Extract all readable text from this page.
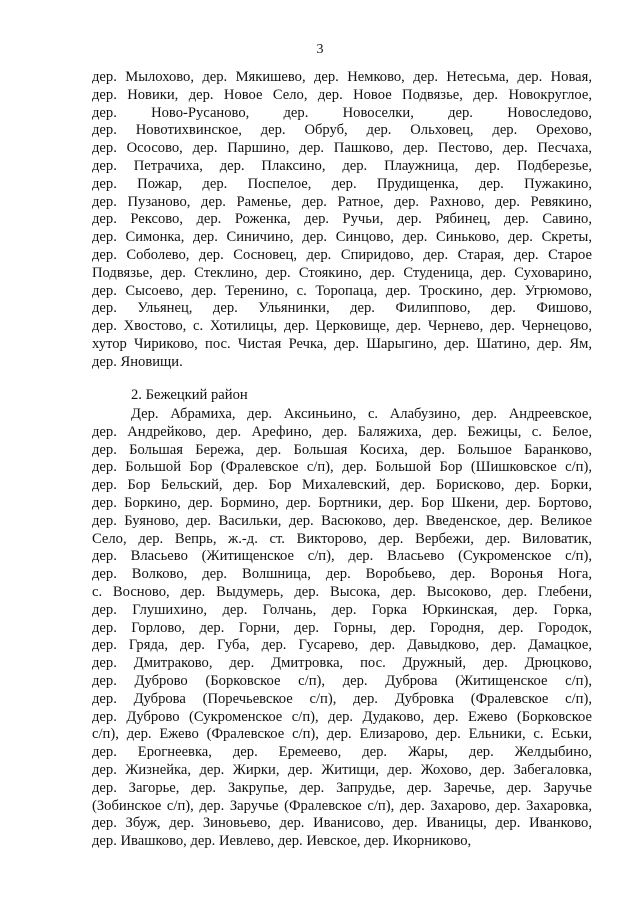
3
дер. Мылохово, дер. Мякишево, дер. Немково, дер. Нетесьма, дер. Новая,
дер. Новики, дер. Новое Село, дер. Новое Подвязье, дер. Новокруглое,
дер. Ново-Русаново, дер. Новоселки, дер. Новоследово,
дер. Новотихвинское, дер. Обруб, дер. Ольховец, дер. Орехово,
дер. Ососово, дер. Паршино, дер. Пашково, дер. Пестово, дер. Песчаха,
дер. Петрачиха, дер. Плаксино, дер. Плаужница, дер. Подберезье,
дер. Пожар, дер. Поспелое, дер. Прудищенка, дер. Пужакино,
дер. Пузаново, дер. Раменье, дер. Ратное, дер. Рахново, дер. Ревякино,
дер. Рексово, дер. Роженка, дер. Ручьи, дер. Рябинец, дер. Савино,
дер. Симонка, дер. Синичино, дер. Синцово, дер. Синьково, дер. Скреты,
дер. Соболево, дер. Сосновец, дер. Спиридово, дер. Старая, дер. Старое
Подвязье, дер. Стеклино, дер. Стоякино, дер. Студеница, дер. Суховарино,
дер. Сысоево, дер. Теренино, с. Торопаца, дер. Троскино, дер. Угрюмово,
дер. Ульянец, дер. Ульянинки, дер. Филиппово, дер. Фишово,
дер. Хвостово, с. Хотилицы, дер. Церковище, дер. Чернево, дер. Чернецово,
хутор Чириково, пос. Чистая Речка, дер. Шарыгино, дер. Шатино, дер. Ям,
дер. Яновищи.
2. Бежецкий район
Дер. Абрамиха, дер. Аксиньино, с. Алабузино, дер. Андреевское,
дер. Андрейково, дер. Арефино, дер. Баляжиха, дер. Бежицы, с. Белое,
дер. Большая Бережа, дер. Большая Косиха, дер. Большое Баранково,
дер. Большой Бор (Фралевское с/п), дер. Большой Бор (Шишковское с/п),
дер. Бор Бельский, дер. Бор Михалевский, дер. Борисково, дер. Борки,
дер. Боркино, дер. Бормино, дер. Бортники, дер. Бор Шкени, дер. Бортово,
дер. Буяново, дер. Васильки, дер. Васюково, дер. Введенское, дер. Великое
Село, дер. Вепрь, ж.-д. ст. Викторово, дер. Вербежи, дер. Виловатик,
дер. Власьево (Житищенское с/п), дер. Власьево (Сукроменское с/п),
дер. Волково, дер. Волшница, дер. Воробьево, дер. Воронья Нога,
с. Восново, дер. Выдумерь, дер. Высока, дер. Высоково, дер. Глебени,
дер. Глушихино, дер. Голчань, дер. Горка Юркинская, дер. Горка,
дер. Горлово, дер. Горни, дер. Горны, дер. Городня, дер. Городок,
дер. Гряда, дер. Губа, дер. Гусарево, дер. Давыдково, дер. Дамацкое,
дер. Дмитраково, дер. Дмитровка, пос. Дружный, дер. Дрюцково,
дер. Дуброво (Борковское с/п), дер. Дуброва (Житищенское с/п),
дер. Дуброва (Поречьевское с/п), дер. Дубровка (Фралевское с/п),
дер. Дуброво (Сукроменское с/п), дер. Дудаково, дер. Ежево (Борковское
с/п), дер. Ежево (Фралевское с/п), дер. Елизарово, дер. Ельники, с. Еськи,
дер. Ерогнеевка, дер. Еремеево, дер. Жары, дер. Желдыбино,
дер. Жизнейка, дер. Жирки, дер. Житищи, дер. Жохово, дер. Забегаловка,
дер. Загорье, дер. Закрупье, дер. Запрудье, дер. Заречье, дер. Заручье
(Зобинское с/п), дер. Заручье (Фралевское с/п), дер. Захарово, дер. Захаровка,
дер. Збуж, дер. Зиновьево, дер. Иванисово, дер. Иваницы, дер. Иванково,
дер. Ивашково, дер. Иевлево, дер. Иевское, дер. Икорниково,
